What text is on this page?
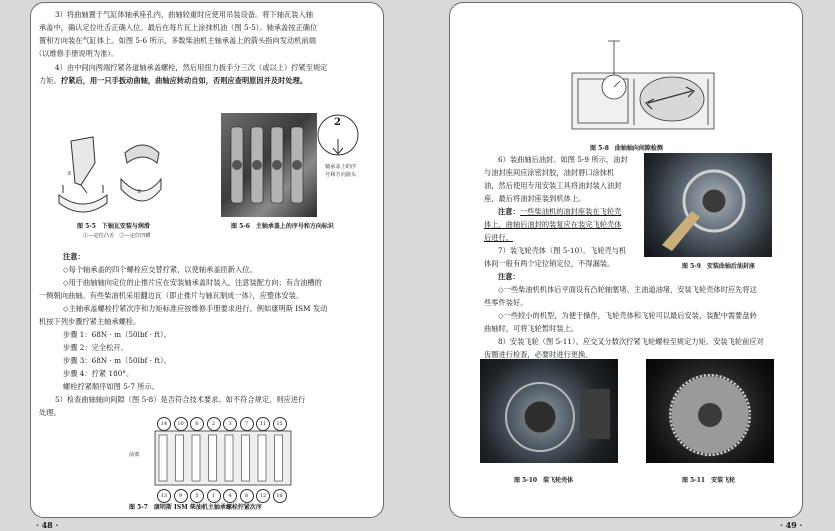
3）将曲轴置于气缸体轴承座孔内，曲轴较重时应使用吊装设备。将下轴瓦装入轴
承盖中，确认定位吐舌正确入位。最后在每片瓦上涂抹机油（图 5-5）。轴承盖按正确位
置和方向装在气缸体上。如图 5-6 所示，多数柴油机主轴承盖上的箭头指向发动机前端
（以维修手册说明为准）。
4）由中间向两端拧紧各道轴承盖螺栓，然后用扭力扳手分三次（或以上）拧紧至规定
力矩。 拧紧后，用一只手扳动曲轴，曲轴应转动自如，否则应查明原因并及时处理。
①
②
图 5-5　下轴瓦安装与润滑
①—定位凸舌　②—定位凹槽
2
轴承盖上的序
号和方向箭头
图 5-6　主轴承盖上的序号和方向标识
注意：
◇每个轴承盖的四个螺栓应交替拧紧，以使轴承盖匝新入位。
◇用于曲轴轴向定位的止推片应在安装轴承盖时装入，注意装配方向；有含油槽的
一侧朝向曲轴。有些柴油机采用翻边瓦（即止推片与轴瓦制成一体），应整体安装。
◇主轴承盖螺栓拧紧次序和力矩标准应按维修手册要求进行。例如康明斯 ISM 发动
机按下列步骤拧紧主轴承螺栓。
步骤 1：68N · m（50lbf · ft）。
步骤 2：完全松开。
步骤 3：68N · m（50lbf · ft）。
步骤 4：拧紧 180°。
螺栓拧紧顺序如图 5-7 所示。
5）检查曲轴轴向间隙（图 5-8）是否符合技术要求。如不符合规定，则应进行
处理。
前部
图 5-7　康明斯 ISM 柴油机主轴承螺栓拧紧次序
14	10	6	2	3	7	11	15
13	9	5	1	4	8	12	16
· 48 ·
图 5-8　曲轴轴向间隙检测
6）装曲轴后油封。如图 5-9 所示，油封
与油封座间应涂密封胶，油封唇口涂抹机
油，然后使用专用安装工具将油封装入油封
座，最后将油封座装到机体上。
注意： 一些柴油机的油封座装在飞轮壳
体上，曲轴后油封的装复应在装完飞轮壳体
后进行。
7）装飞轮壳体（图 5-10）。飞轮壳与机
体间一般有两个定位销定位，不得漏装。
注意：
图 5-9　安装曲轴后油封座
◇一些柴油机机体后平面设有凸轮轴塞堵、主油道油堵，安装飞轮壳体时应先将这
些零件装好。
◇一些较小的机型，为便于操作，飞轮壳体和飞轮可以最后安装，装配中需要盘转
曲轴时，可将飞轮暂时装上。
8）安装飞轮（图 5-11）。应交叉分数次拧紧飞轮螺栓至规定力矩。安装飞轮前应对
齿圈进行检查，必要时进行更换。
图 5-10　装飞轮壳体	图 5-11　安装飞轮
· 49 ·
